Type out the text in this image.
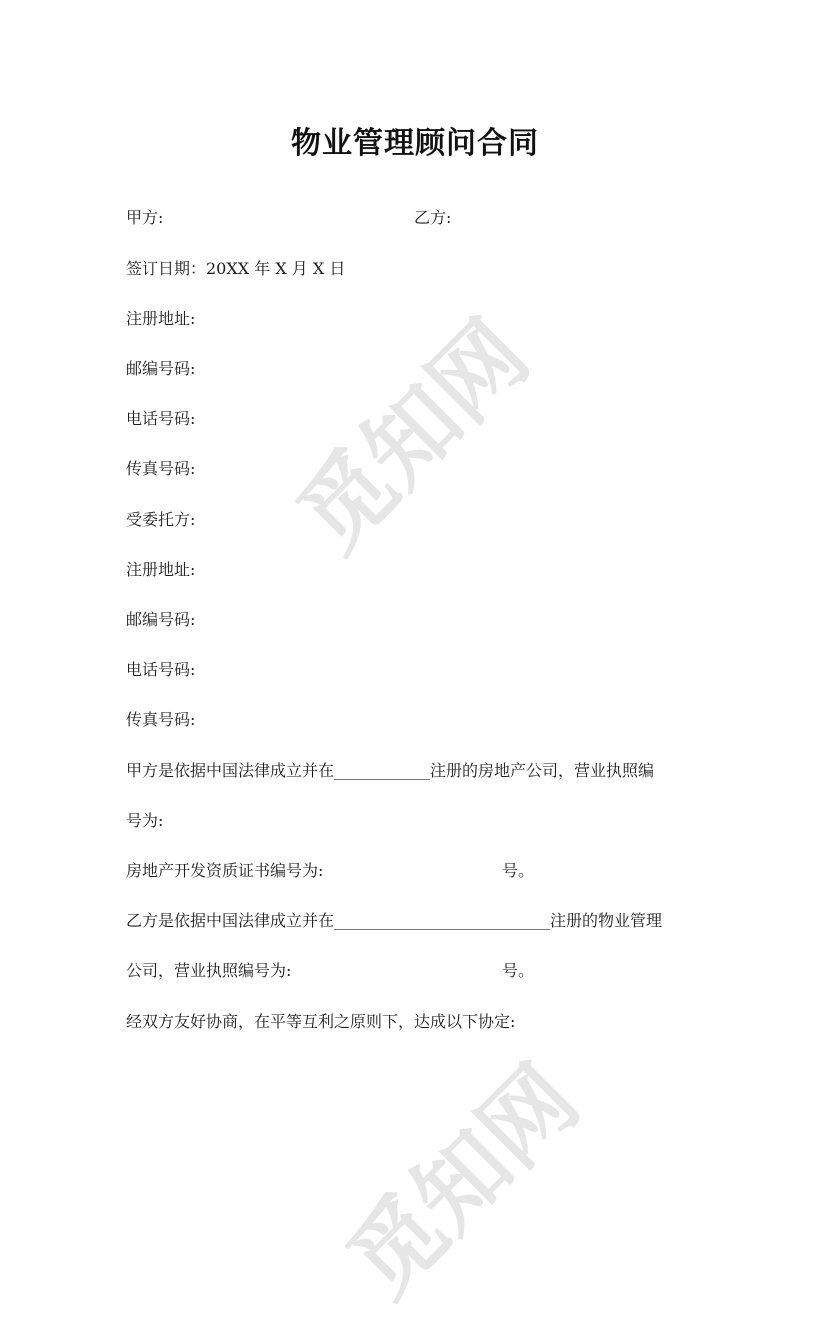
觅知网
觅知网
物业管理顾问合同
甲方:	乙方:
签订日期：20XX 年 X 月 X 日
注册地址:
邮编号码:
电话号码:
传真号码:
受委托方:
注册地址:
邮编号码:
电话号码:
传真号码:
甲方是依据中国法律成立并在____________注册的房地产公司，营业执照编
号为:
房地产开发资质证书编号为:	号。
乙方是依据中国法律成立并在___________________________注册的物业管理
公司，营业执照编号为:	号。
经双方友好协商，在平等互利之原则下，达成以下协定:
